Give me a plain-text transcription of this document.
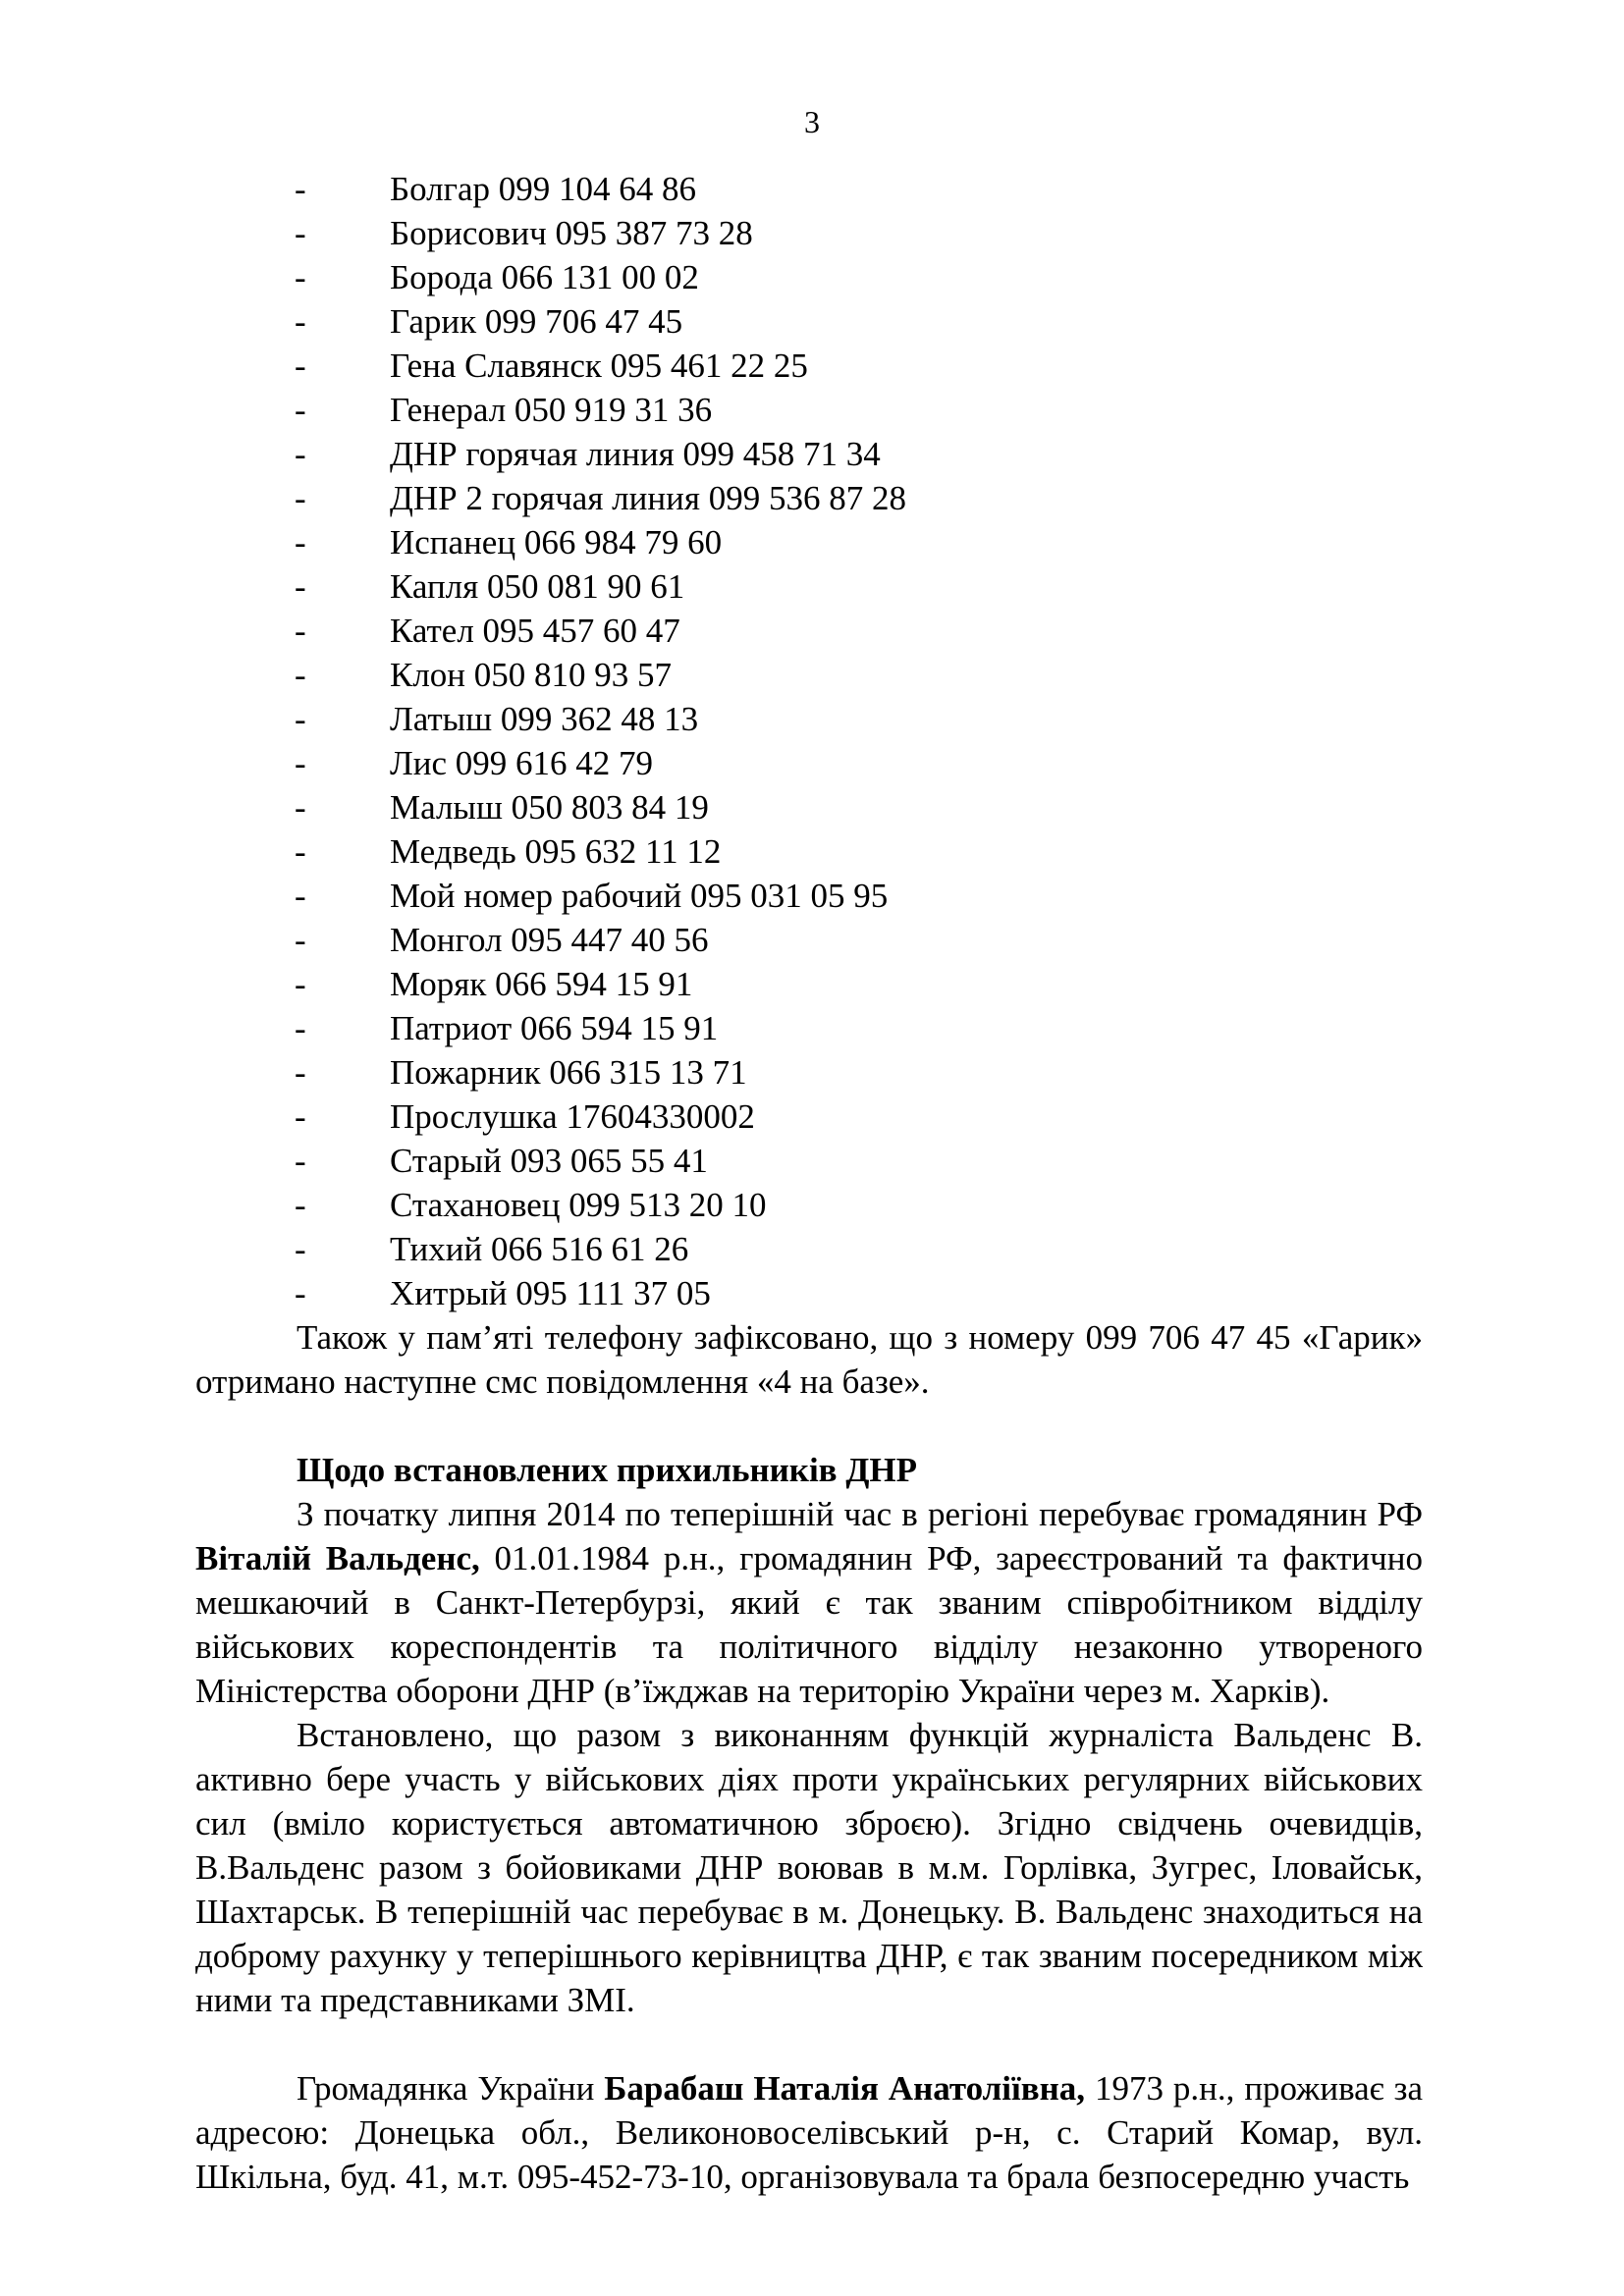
3
- Болгар 099 104 64 86
- Борисович 095 387 73 28
- Борода 066 131 00 02
- Гарик 099 706 47 45
- Гена Славянск 095 461 22 25
- Генерал 050 919 31 36
- ДНР горячая линия 099 458 71 34
- ДНР 2 горячая линия 099 536 87 28
- Испанец 066 984 79 60
- Капля 050 081 90 61
- Кател 095 457 60 47
- Клон 050 810 93 57
- Латыш 099 362 48 13
- Лис 099 616 42 79
- Малыш 050 803 84 19
- Медведь 095 632 11 12
- Мой номер рабочий 095 031 05 95
- Монгол 095 447 40 56
- Моряк 066 594 15 91
- Патриот 066 594 15 91
- Пожарник 066 315 13 71
- Прослушка 17604330002
- Старый 093 065 55 41
- Стахановец 099 513 20 10
- Тихий 066 516 61 26
- Хитрый 095 111 37 05

Також у пам’яті телефону зафіксовано, що з номеру 099 706 47 45 «Гарик» отримано наступне смс повідомлення «4 на базе».

Щодо встановлених прихильників ДНР

З початку липня 2014 по теперішній час в регіоні перебуває громадянин РФ Віталій Вальденс, 01.01.1984 р.н., громадянин РФ, зареєстрований та фактично мешкаючий в Санкт-Петербурзі, який є так званим співробітником відділу військових кореспондентів та політичного відділу незаконно утвореного Міністерства оборони ДНР (в’їжджав на територію України через м. Харків).

Встановлено, що разом з виконанням функцій журналіста Вальденс В. активно бере участь у військових діях проти українських регулярних військових сил (вміло користується автоматичною зброєю). Згідно свідчень очевидців, В.Вальденс разом з бойовиками ДНР воював в м.м. Горлівка, Зугрес, Іловайськ, Шахтарськ. В теперішній час перебуває в м. Донецьку. В. Вальденс знаходиться на доброму рахунку у теперішнього керівництва ДНР, є так званим посередником між ними та представниками ЗМІ.

Громадянка України Барабаш Наталія Анатоліївна, 1973 р.н., проживає за адресою: Донецька обл., Великоновоселівський р-н, с. Старий Комар, вул. Шкільна, буд. 41, м.т. 095-452-73-10, організовувала та брала безпосередню участь
